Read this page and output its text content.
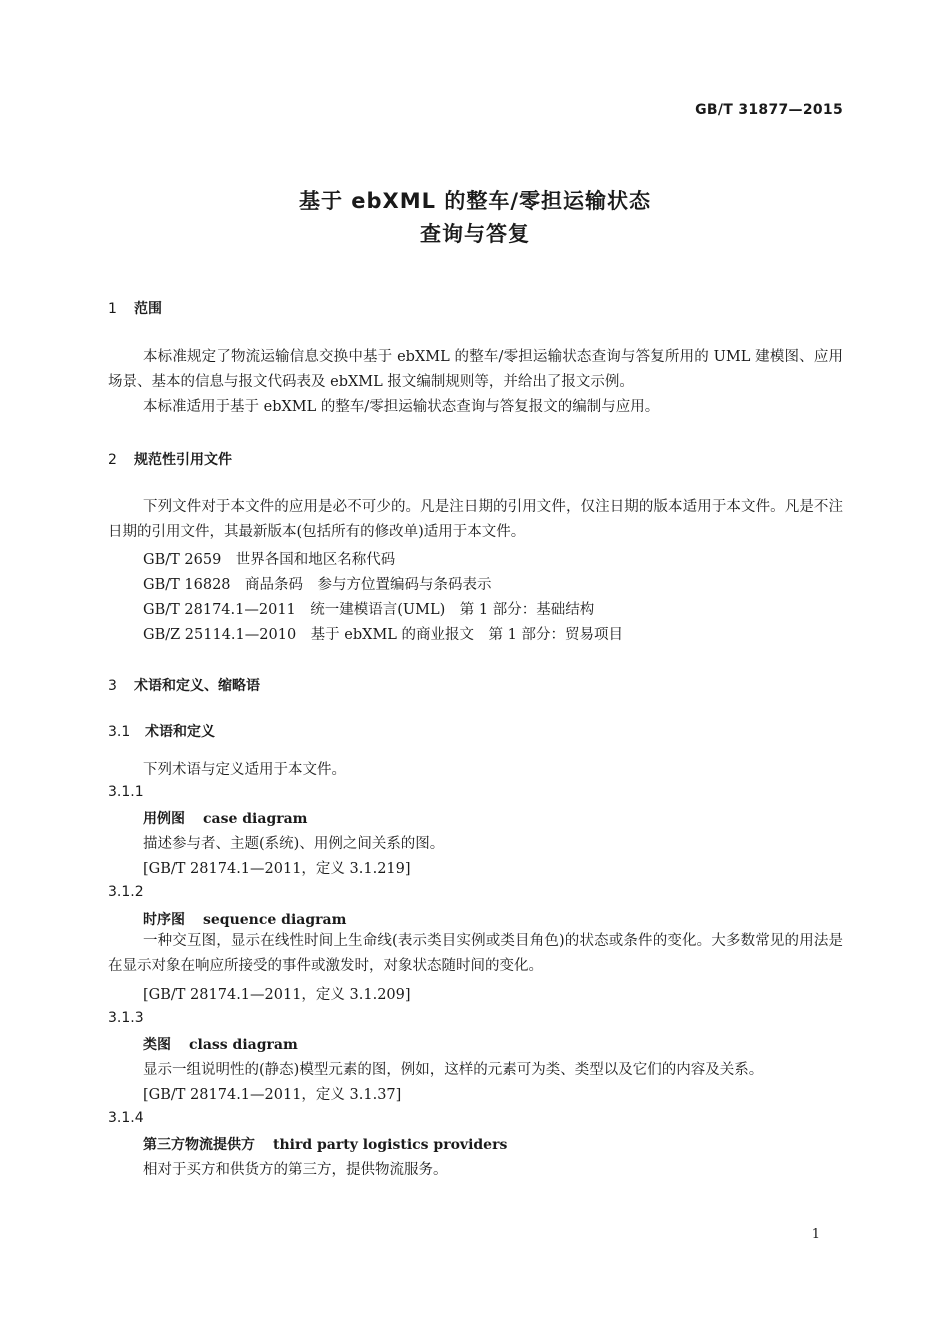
GB/T 31877—2015
基于 ebXML 的整车/零担运输状态
查询与答复
1 范围
本标准规定了物流运输信息交换中基于 ebXML 的整车/零担运输状态查询与答复所用的 UML 建模图、应用场景、基本的信息与报文代码表及 ebXML 报文编制规则等，并给出了报文示例。
本标准适用于基于 ebXML 的整车/零担运输状态查询与答复报文的编制与应用。
2 规范性引用文件
下列文件对于本文件的应用是必不可少的。凡是注日期的引用文件，仅注日期的版本适用于本文件。凡是不注日期的引用文件，其最新版本(包括所有的修改单)适用于本文件。
GB/T 2659　世界各国和地区名称代码
GB/T 16828　商品条码　参与方位置编码与条码表示
GB/T 28174.1—2011　统一建模语言(UML)　第 1 部分：基础结构
GB/Z 25114.1—2010　基于 ebXML 的商业报文　第 1 部分：贸易项目
3 术语和定义、缩略语
3.1 术语和定义
下列术语与定义适用于本文件。
3.1.1
用例图 case diagram
描述参与者、主题(系统)、用例之间关系的图。
[GB/T 28174.1—2011，定义 3.1.219]
3.1.2
时序图 sequence diagram
一种交互图，显示在线性时间上生命线(表示类目实例或类目角色)的状态或条件的变化。大多数常见的用法是在显示对象在响应所接受的事件或激发时，对象状态随时间的变化。
[GB/T 28174.1—2011，定义 3.1.209]
3.1.3
类图 class diagram
显示一组说明性的(静态)模型元素的图，例如，这样的元素可为类、类型以及它们的内容及关系。
[GB/T 28174.1—2011，定义 3.1.37]
3.1.4
第三方物流提供方 third party logistics providers
相对于买方和供货方的第三方，提供物流服务。
1
